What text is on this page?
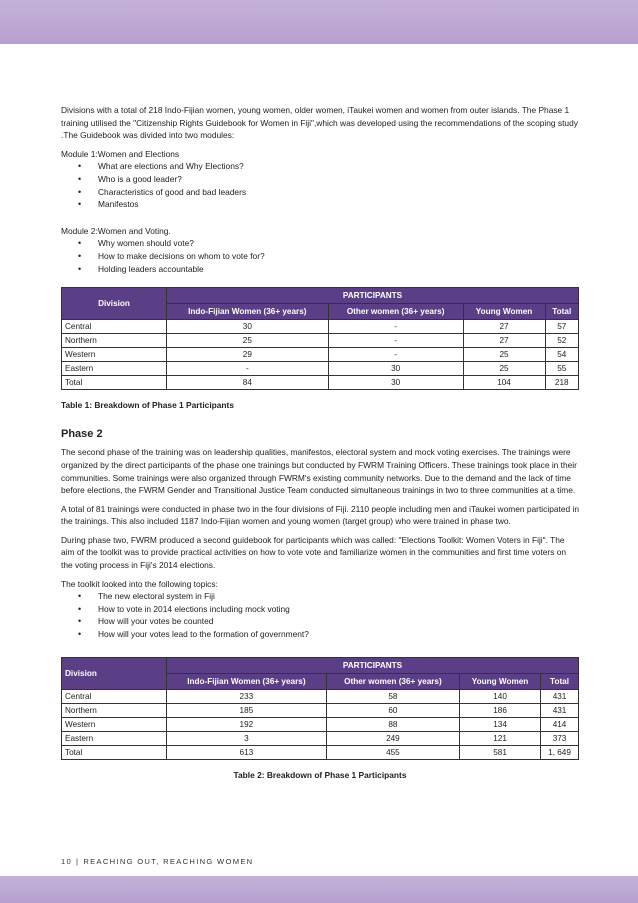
Divisions with a total of 218 Indo-Fijian women, young women, older women, iTaukei women and women from outer islands. The Phase 1 training utilised the "Citizenship Rights Guidebook for Women in Fiji",which was developed using the recommendations of the scoping study .The Guidebook was divided into two modules:

Module 1:Women and Elections

• What are elections and Why Elections?
• Who is a good leader?
• Characteristics of good and bad leaders
• Manifestos

Module 2:Women and Voting.

• Why women should vote?
• How to make decisions on whom to vote for?
• Holding leaders accountable
Division	PARTICIPANTS			
	Indo-Fijian Women (36+ years)	Other women (36+ years)	Young Women	Total
Central	30	-	27	57
Northern	25	-	27	52
Western	29	-	25	54
Eastern	-	30	25	55
Total	84	30	104	218
Table 1: Breakdown of Phase 1 Participants
Phase 2

The second phase of the training was on leadership qualities, manifestos, electoral system and mock voting exercises. The trainings were organized by the direct participants of the phase one trainings but conducted by FWRM Training Officers. These trainings took place in their communities. Some trainings were also organized through FWRM's existing community networks. Due to the demand and the lack of time before elections, the FWRM Gender and Transitional Justice Team conducted simultaneous trainings in two to three communities at a time.

A total of 81 trainings were conducted in phase two in the four divisions of Fiji. 2110 people including men and iTaukei women participated in the trainings. This also included 1187 Indo-Fijian women and young women (target group) who were trained in phase two.

During phase two, FWRM produced a second guidebook for participants which was called: "Elections Toolkit: Women Voters in Fiji". The aim of the toolkit was to provide practical activities on how to vote vote and familiarize women in the communities and first time voters on the voting process in Fiji's 2014 elections.

The toolkit looked into the following topics:

• The new electoral system in Fiji
• How to vote in 2014 elections including mock voting
• How will your votes be counted
• How will your votes lead to the formation of government?
Division	PARTICIPANTS			
	Indo-Fijian Women (36+ years)	Other women (36+ years)	Young Women	Total
Central	233	58	140	431
Northern	185	60	186	431
Western	192	88	134	414
Eastern	3	249	121	373
Total	613	455	581	1, 649
Table 2: Breakdown of Phase 1 Participants
10 | REACHING OUT, REACHING WOMEN
